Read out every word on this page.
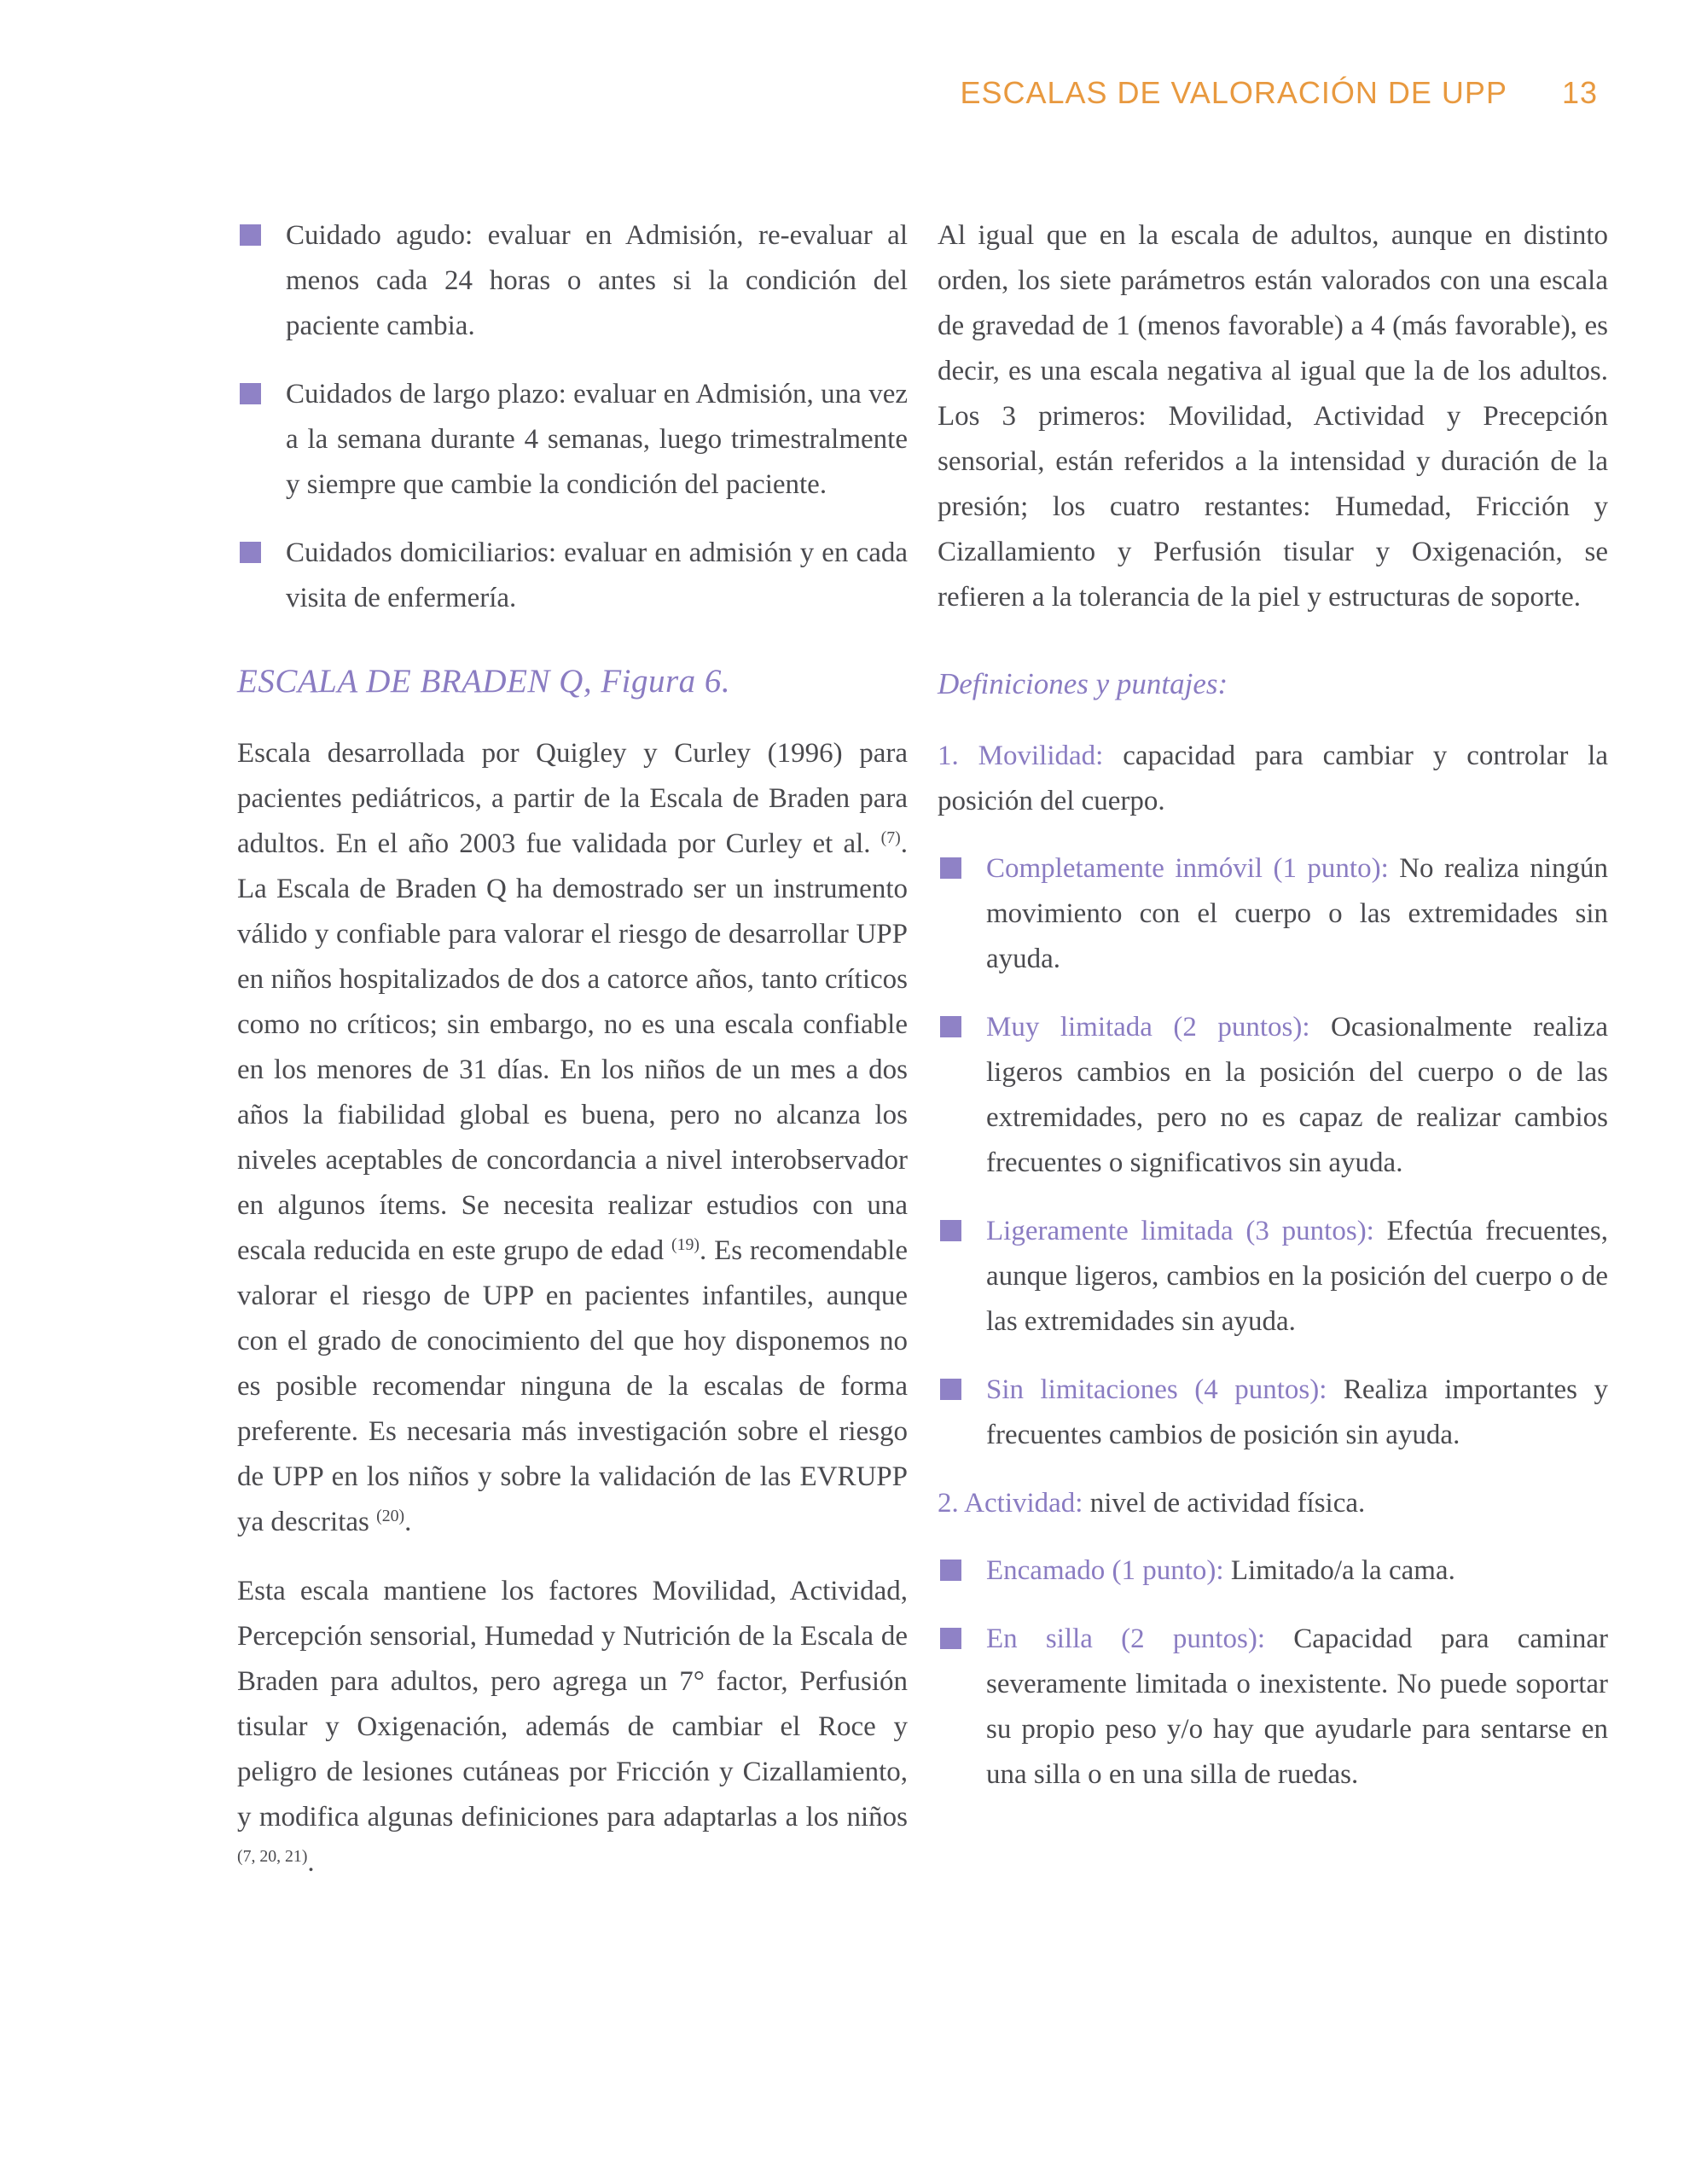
ESCALAS DE VALORACIÓN DE UPP 13
Cuidado agudo: evaluar en Admisión, re-evaluar al menos cada 24 horas o antes si la condición del paciente cambia.
Cuidados de largo plazo: evaluar en Admisión, una vez a la semana durante 4 semanas, luego trimestralmente y siempre que cambie la condición del paciente.
Cuidados domiciliarios: evaluar en admisión y en cada visita de enfermería.
ESCALA DE BRADEN Q, Figura 6.

Escala desarrollada por Quigley y Curley (1996) para pacientes pediátricos, a partir de la Escala de Braden para adultos. En el año 2003 fue validada por Curley et al. $^{(7)}$. La Escala de Braden Q ha demostrado ser un instrumento válido y confiable para valorar el riesgo de desarrollar UPP en niños hospitalizados de dos a catorce años, tanto críticos como no críticos; sin embargo, no es una escala confiable en los menores de 31 días. En los niños de un mes a dos años la fiabilidad global es buena, pero no alcanza los niveles aceptables de concordancia a nivel interobservador en algunos ítems. Se necesita realizar estudios con una escala reducida en este grupo de edad $^{(19)}$. Es recomendable valorar el riesgo de UPP en pacientes infantiles, aunque con el grado de conocimiento del que hoy disponemos no es posible recomendar ninguna de la escalas de forma preferente. Es necesaria más investigación sobre el riesgo de UPP en los niños y sobre la validación de las EVRUPP ya descritas $^{(20)}$.

Esta escala mantiene los factores Movilidad, Actividad, Percepción sensorial, Humedad y Nutrición de la Escala de Braden para adultos, pero agrega un 7° factor, Perfusión tisular y Oxigenación, además de cambiar el Roce y peligro de lesiones cutáneas por Fricción y Cizallamiento, y modifica algunas definiciones para adaptarlas a los niños $^{(7, 20, 21)}$.

Al igual que en la escala de adultos, aunque en distinto orden, los siete parámetros están valorados con una escala de gravedad de 1 (menos favorable) a 4 (más favorable), es decir, es una escala negativa al igual que la de los adultos. Los 3 primeros: Movilidad, Actividad y Precepción sensorial, están referidos a la intensidad y duración de la presión; los cuatro restantes: Humedad, Fricción y Cizallamiento y Perfusión tisular y Oxigenación, se refieren a la tolerancia de la piel y estructuras de soporte.

Definiciones y puntajes:

1. Movilidad: capacidad para cambiar y controlar la posición del cuerpo.

Completamente inmóvil (1 punto): No realiza ningún movimiento con el cuerpo o las extremidades sin ayuda.
Muy limitada (2 puntos): Ocasionalmente realiza ligeros cambios en la posición del cuerpo o de las extremidades, pero no es capaz de realizar cambios frecuentes o significativos sin ayuda.
Ligeramente limitada (3 puntos): Efectúa frecuentes, aunque ligeros, cambios en la posición del cuerpo o de las extremidades sin ayuda.
Sin limitaciones (4 puntos): Realiza importantes y frecuentes cambios de posición sin ayuda.

2. Actividad: nivel de actividad física.

Encamado (1 punto): Limitado/a la cama.
En silla (2 puntos): Capacidad para caminar severamente limitada o inexistente. No puede soportar su propio peso y/o hay que ayudarle para sentarse en una silla o en una silla de ruedas.
